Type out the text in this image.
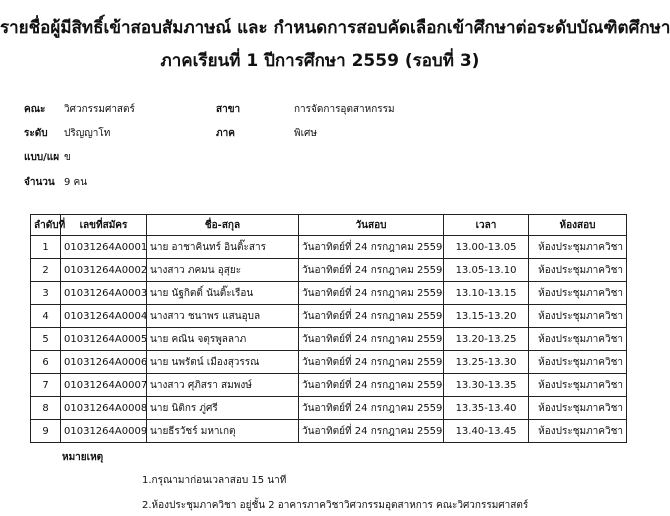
รายชื่อผู้มีสิทธิ์เข้าสอบสัมภาษณ์ และ กำหนดการสอบคัดเลือกเข้าศึกษาต่อระดับบัณฑิตศึกษา
ภาคเรียนที่ 1 ปีการศึกษา 2559 (รอบที่ 3)
คณะ วิศวกรรมศาสตร์	สาขา	การจัดการอุตสาหกรรม
ระดับ ปริญญาโท	ภาค	พิเศษ
แบบ/แผ ข
จำนวน 9 คน
ลำดับที่	เลขที่สมัคร	ชื่อ-สกุล	วันสอบ	เวลา	ห้องสอบ
1	01031264A0001	นาย อาชาคินทร์ อินติ๊ะสาร	วันอาทิตย์ที่ 24 กรกฎาคม 2559	13.00-13.05	ห้องประชุมภาควิชา
2	01031264A0002	นางสาว ภคมน อุสุยะ	วันอาทิตย์ที่ 24 กรกฎาคม 2559	13.05-13.10	ห้องประชุมภาควิชา
3	01031264A0003	นาย นัฐกิตติ์ นันติ๊ะเรือน	วันอาทิตย์ที่ 24 กรกฎาคม 2559	13.10-13.15	ห้องประชุมภาควิชา
4	01031264A0004	นางสาว ชนาพร แสนอุบล	วันอาทิตย์ที่ 24 กรกฎาคม 2559	13.15-13.20	ห้องประชุมภาควิชา
5	01031264A0005	นาย คณิน จตุรพูลลาภ	วันอาทิตย์ที่ 24 กรกฎาคม 2559	13.20-13.25	ห้องประชุมภาควิชา
6	01031264A0006	นาย นพรัตน์ เมืองสุวรรณ	วันอาทิตย์ที่ 24 กรกฎาคม 2559	13.25-13.30	ห้องประชุมภาควิชา
7	01031264A0007	นางสาว ศุภิสรา สมพงษ์	วันอาทิตย์ที่ 24 กรกฎาคม 2559	13.30-13.35	ห้องประชุมภาควิชา
8	01031264A0008	นาย นิติกร ภู่ศรี	วันอาทิตย์ที่ 24 กรกฎาคม 2559	13.35-13.40	ห้องประชุมภาควิชา
9	01031264A0009	นายธีรวัชร์ มหาเกตุ	วันอาทิตย์ที่ 24 กรกฎาคม 2559	13.40-13.45	ห้องประชุมภาควิชา
หมายเหตุ
1.กรุณามาก่อนเวลาสอบ 15 นาที
2.ห้องประชุมภาควิชา อยู่ชั้น 2 อาคารภาควิชาวิศวกรรมอุตสาหการ คณะวิศวกรรมศาสตร์
